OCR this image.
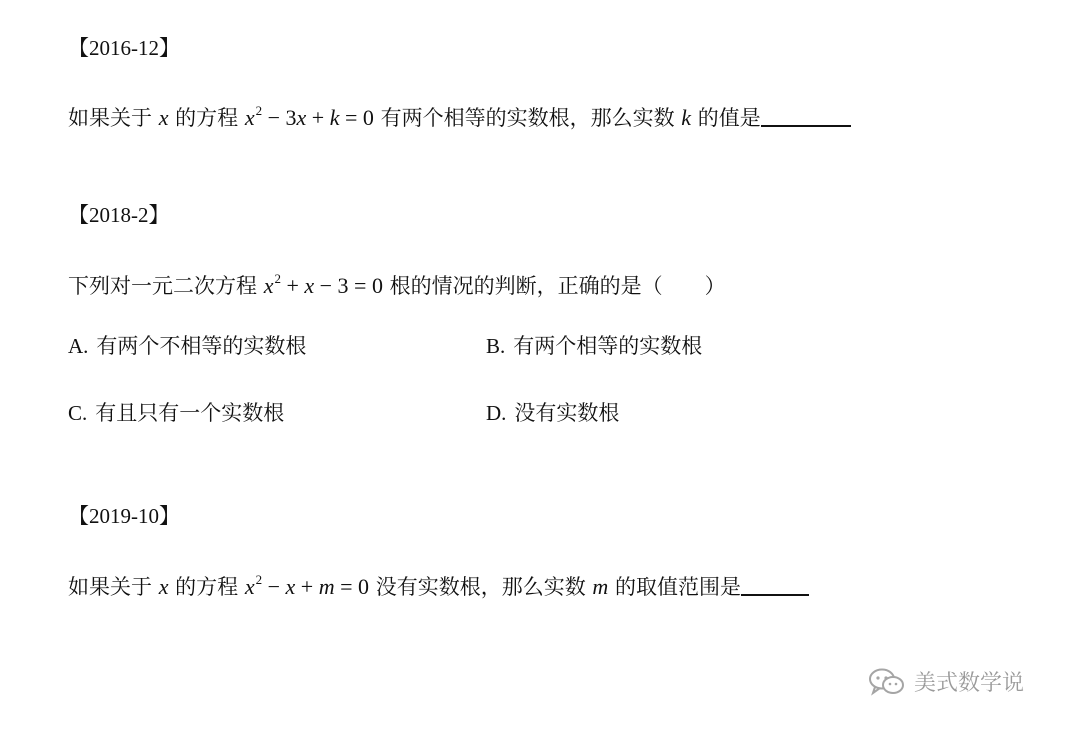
【2016-12】
如果关于 x 的方程 $x^2 - 3x + k = 0$ 有两个相等的实数根，那么实数 k 的值是
【2018-2】
下列对一元二次方程 $x^2 + x - 3 = 0$ 根的情况的判断，正确的是（　　）
A. 有两个不相等的实数根	B. 有两个相等的实数根
C. 有且只有一个实数根	D. 没有实数根
【2019-10】
如果关于 x 的方程 $x^2 - x + m = 0$ 没有实数根，那么实数 m 的取值范围是
美式数学说
